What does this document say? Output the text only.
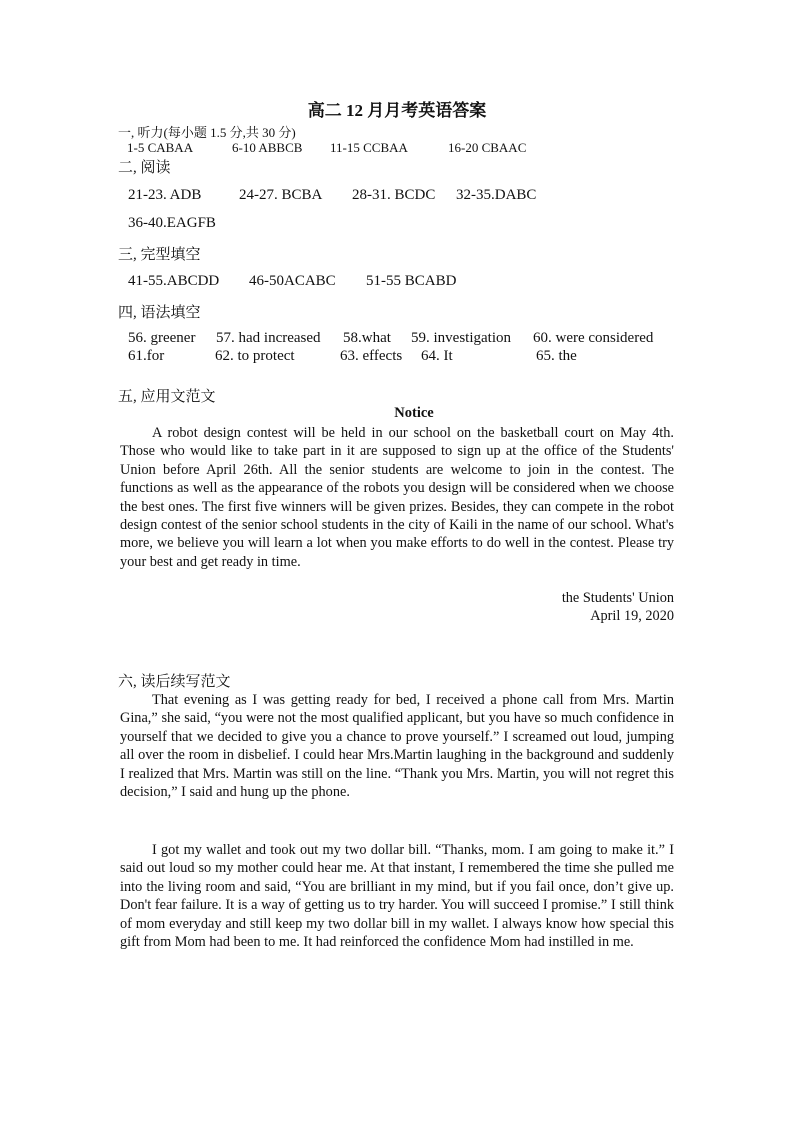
高二 12 月月考英语答案
一, 听力(每小题 1.5 分,共 30 分)
1-5 CABAA	6-10 ABBCB 11-15 CCBAA	16-20 CBAAC
二, 阅读
21-23. ADB	24-27. BCBA 28-31. BCDC 32-35.DABC
36-40.EAGFB
三, 完型填空
41-55.ABCDD 46-50ACABC 51-55 BCABD
四, 语法填空
56. greener 57. had increased 58.what 59. investigation 60. were considered
61.for	62. to protect	63. effects 64. It	65. the
五, 应用文范文
Notice
A robot design contest will be held in our school on the basketball court on May 4th. Those who would like to take part in it are supposed to sign up at the office of the Students' Union before April 26th. All the senior students are welcome to join in the contest. The functions as well as the appearance of the robots you design will be considered when we choose the best ones. The first five winners will be given prizes. Besides, they can compete in the robot design contest of the senior school students in the city of Kaili in the name of our school. What's more, we believe you will learn a lot when you make efforts to do well in the contest. Please try your best and get ready in time.
the Students' Union
April 19, 2020
六, 读后续写范文
That evening as I was getting ready for bed, I received a phone call from Mrs. Martin Gina,” she said, “you were not the most qualified applicant, but you have so much confidence in yourself that we decided to give you a chance to prove yourself.” I screamed out loud, jumping all over the room in disbelief. I could hear Mrs.Martin laughing in the background and suddenly I realized that Mrs. Martin was still on the line. “Thank you Mrs. Martin, you will not regret this decision,” I said and hung up the phone.
I got my wallet and took out my two dollar bill. “Thanks, mom. I am going to make it.” I said out loud so my mother could hear me. At that instant, I remembered the time she pulled me into the living room and said, “You are brilliant in my mind, but if you fail once, don’t give up. Don't fear failure. It is a way of getting us to try harder. You will succeed I promise.” I still think of mom everyday and still keep my two dollar bill in my wallet. I always know how special this gift from Mom had been to me. It had reinforced the confidence Mom had instilled in me.
